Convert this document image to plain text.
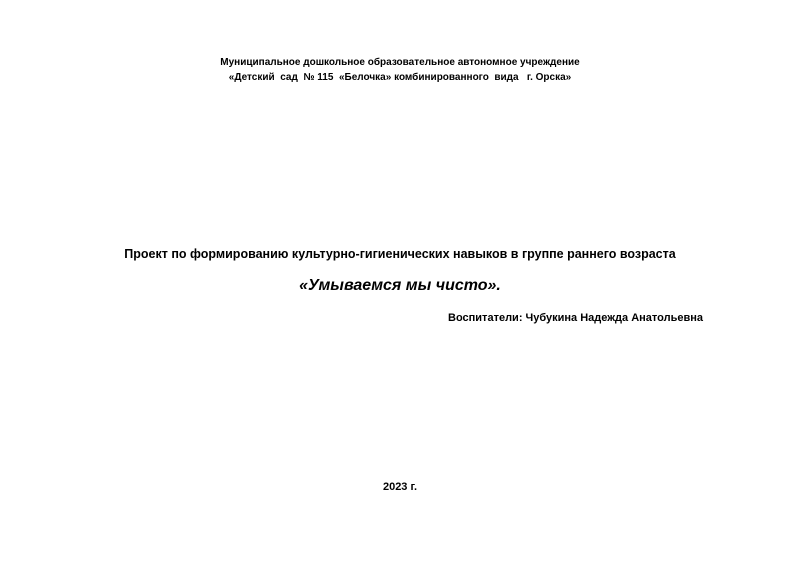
Муниципальное дошкольное образовательное автономное учреждение
«Детский  сад  № 115  «Белочка» комбинированного  вида   г. Орска»
Проект по формированию культурно-гигиенических навыков в группе раннего возраста
«Умываемся мы чисто».
Воспитатели: Чубукина Надежда Анатольевна
2023 г.
